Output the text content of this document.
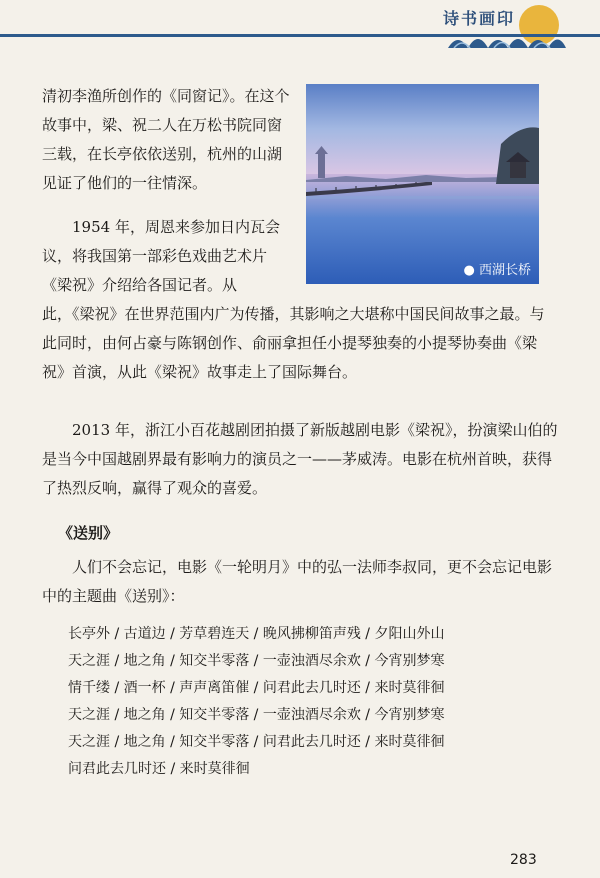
诗书画印
● 西湖长桥

清初李渔所创作的《同窗记》。在这个故事中，梁、祝二人在万松书院同窗三载，在长亭依依送别，杭州的山湖见证了他们的一往情深。

1954 年，周恩来参加日内瓦会议，将我国第一部彩色戏曲艺术片《梁祝》介绍给各国记者。从

此，《梁祝》在世界范围内广为传播，其影响之大堪称中国民间故事之最。与此同时，由何占豪与陈钢创作、俞丽拿担任小提琴独奏的小提琴协奏曲《梁祝》首演，从此《梁祝》故事走上了国际舞台。

2013 年，浙江小百花越剧团拍摄了新版越剧电影《梁祝》，扮演梁山伯的是当今中国越剧界最有影响力的演员之一——茅威涛。电影在杭州首映，获得了热烈反响，赢得了观众的喜爱。

《送别》

人们不会忘记，电影《一轮明月》中的弘一法师李叔同，更不会忘记电影中的主题曲《送别》：

长亭外 / 古道边 / 芳草碧连天 / 晚风拂柳笛声残 / 夕阳山外山
天之涯 / 地之角 / 知交半零落 / 一壶浊酒尽余欢 / 今宵别梦寒
情千缕 / 酒一杯 / 声声离笛催 / 问君此去几时还 / 来时莫徘徊
天之涯 / 地之角 / 知交半零落 / 一壶浊酒尽余欢 / 今宵别梦寒
天之涯 / 地之角 / 知交半零落 / 问君此去几时还 / 来时莫徘徊
问君此去几时还 / 来时莫徘徊
283
